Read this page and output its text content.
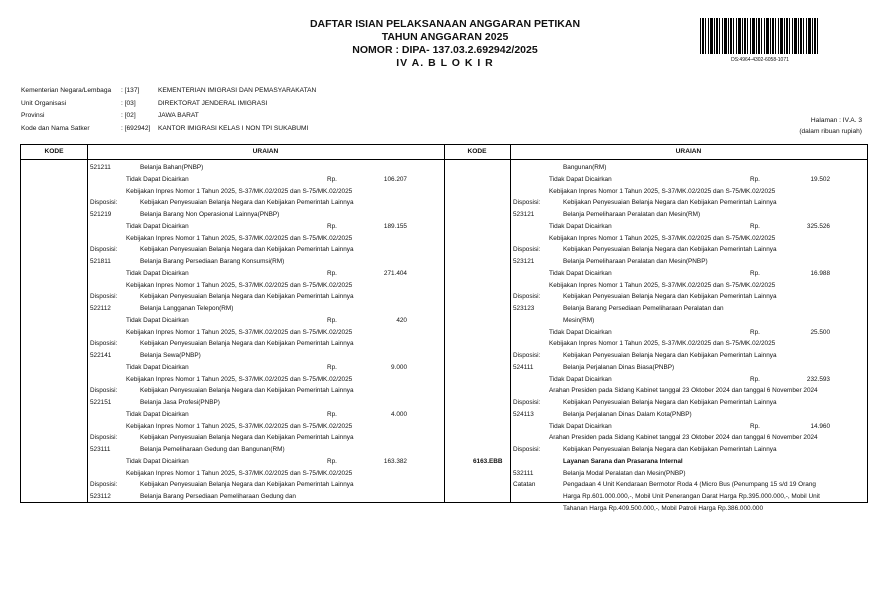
DAFTAR ISIAN PELAKSANAAN ANGGARAN PETIKAN
TAHUN ANGGARAN 2025
NOMOR : DIPA- 137.03.2.692942/2025
IV A. B L O K I R	DS:4964-4302-6058-1071
Kementerian Negara/Lembaga : [137]	KEMENTERIAN IMIGRASI DAN PEMASYARAKATAN
Unit Organisasi	: [03]	DIREKTORAT JENDERAL IMIGRASI
Provinsi	: [02]	JAWA BARAT
Kode dan Nama Satker	: [692942] KANTOR IMIGRASI KELAS I NON TPI SUKABUMI
Halaman : IV.A. 3
(dalam ribuan rupiah)
KODE	URAIAN	KODE	URAIAN
521211	Belanja Bahan(PNBP)
Tidak Dapat Dicairkan	Rp.	106.207
Kebijakan Inpres Nomor 1 Tahun 2025, S-37/MK.02/2025 dan S-75/MK.02/2025
Disposisi:	Kebijakan Penyesuaian Belanja Negara dan Kebijakan Pemerintah Lainnya
521219	Belanja Barang Non Operasional Lainnya(PNBP)
Tidak Dapat Dicairkan	Rp.	189.155
Kebijakan Inpres Nomor 1 Tahun 2025, S-37/MK.02/2025 dan S-75/MK.02/2025
Disposisi:	Kebijakan Penyesuaian Belanja Negara dan Kebijakan Pemerintah Lainnya
521811	Belanja Barang Persediaan Barang Konsumsi(RM)
Tidak Dapat Dicairkan	Rp.	271.404
Kebijakan Inpres Nomor 1 Tahun 2025, S-37/MK.02/2025 dan S-75/MK.02/2025
Disposisi:	Kebijakan Penyesuaian Belanja Negara dan Kebijakan Pemerintah Lainnya
522112	Belanja Langganan Telepon(RM)
Tidak Dapat Dicairkan	Rp.	420
Kebijakan Inpres Nomor 1 Tahun 2025, S-37/MK.02/2025 dan S-75/MK.02/2025
Disposisi:	Kebijakan Penyesuaian Belanja Negara dan Kebijakan Pemerintah Lainnya
522141	Belanja Sewa(PNBP)
Tidak Dapat Dicairkan	Rp.	9.000
Kebijakan Inpres Nomor 1 Tahun 2025, S-37/MK.02/2025 dan S-75/MK.02/2025
Disposisi:	Kebijakan Penyesuaian Belanja Negara dan Kebijakan Pemerintah Lainnya
522151	Belanja Jasa Profesi(PNBP)
Tidak Dapat Dicairkan	Rp.	4.000
Kebijakan Inpres Nomor 1 Tahun 2025, S-37/MK.02/2025 dan S-75/MK.02/2025
Disposisi:	Kebijakan Penyesuaian Belanja Negara dan Kebijakan Pemerintah Lainnya
523111	Belanja Pemeliharaan Gedung dan Bangunan(RM)
Tidak Dapat Dicairkan	Rp.	163.382
Kebijakan Inpres Nomor 1 Tahun 2025, S-37/MK.02/2025 dan S-75/MK.02/2025
Disposisi:	Kebijakan Penyesuaian Belanja Negara dan Kebijakan Pemerintah Lainnya
523112	Belanja Barang Persediaan Pemeliharaan Gedung dan
Bangunan(RM)
Tidak Dapat Dicairkan	Rp.	19.502
Kebijakan Inpres Nomor 1 Tahun 2025, S-37/MK.02/2025 dan S-75/MK.02/2025
Disposisi:	Kebijakan Penyesuaian Belanja Negara dan Kebijakan Pemerintah Lainnya
523121	Belanja Pemeliharaan Peralatan dan Mesin(RM)
Tidak Dapat Dicairkan	Rp.	325.526
Kebijakan Inpres Nomor 1 Tahun 2025, S-37/MK.02/2025 dan S-75/MK.02/2025
Disposisi:	Kebijakan Penyesuaian Belanja Negara dan Kebijakan Pemerintah Lainnya
523121	Belanja Pemeliharaan Peralatan dan Mesin(PNBP)
Tidak Dapat Dicairkan	Rp.	16.988
Kebijakan Inpres Nomor 1 Tahun 2025, S-37/MK.02/2025 dan S-75/MK.02/2025
Disposisi:	Kebijakan Penyesuaian Belanja Negara dan Kebijakan Pemerintah Lainnya
523123	Belanja Barang Persediaan Pemeliharaan Peralatan dan
Mesin(RM)
Tidak Dapat Dicairkan	Rp.	25.500
Kebijakan Inpres Nomor 1 Tahun 2025, S-37/MK.02/2025 dan S-75/MK.02/2025
Disposisi:	Kebijakan Penyesuaian Belanja Negara dan Kebijakan Pemerintah Lainnya
524111	Belanja Perjalanan Dinas Biasa(PNBP)
Tidak Dapat Dicairkan	Rp.	232.593
Arahan Presiden pada Sidang Kabinet tanggal 23 Oktober 2024 dan tanggal 6 November 2024
Disposisi:	Kebijakan Penyesuaian Belanja Negara dan Kebijakan Pemerintah Lainnya
524113	Belanja Perjalanan Dinas Dalam Kota(PNBP)
Tidak Dapat Dicairkan	Rp.	14.960
Arahan Presiden pada Sidang Kabinet tanggal 23 Oktober 2024 dan tanggal 6 November 2024
Disposisi:	Kebijakan Penyesuaian Belanja Negara dan Kebijakan Pemerintah Lainnya
6163.EBB	Layanan Sarana dan Prasarana Internal
532111	Belanja Modal Peralatan dan Mesin(PNBP)
Catatan	Pengadaan 4 Unit Kendaraan Bermotor Roda 4 (Micro Bus (Penumpang 15 s/d 19 Orang
Harga Rp.601.000.000,-, Mobil Unit Penerangan Darat Harga Rp.395.000.000,-, Mobil Unit
Tahanan Harga Rp.409.500.000,-, Mobil Patroli Harga Rp.386.000.000
